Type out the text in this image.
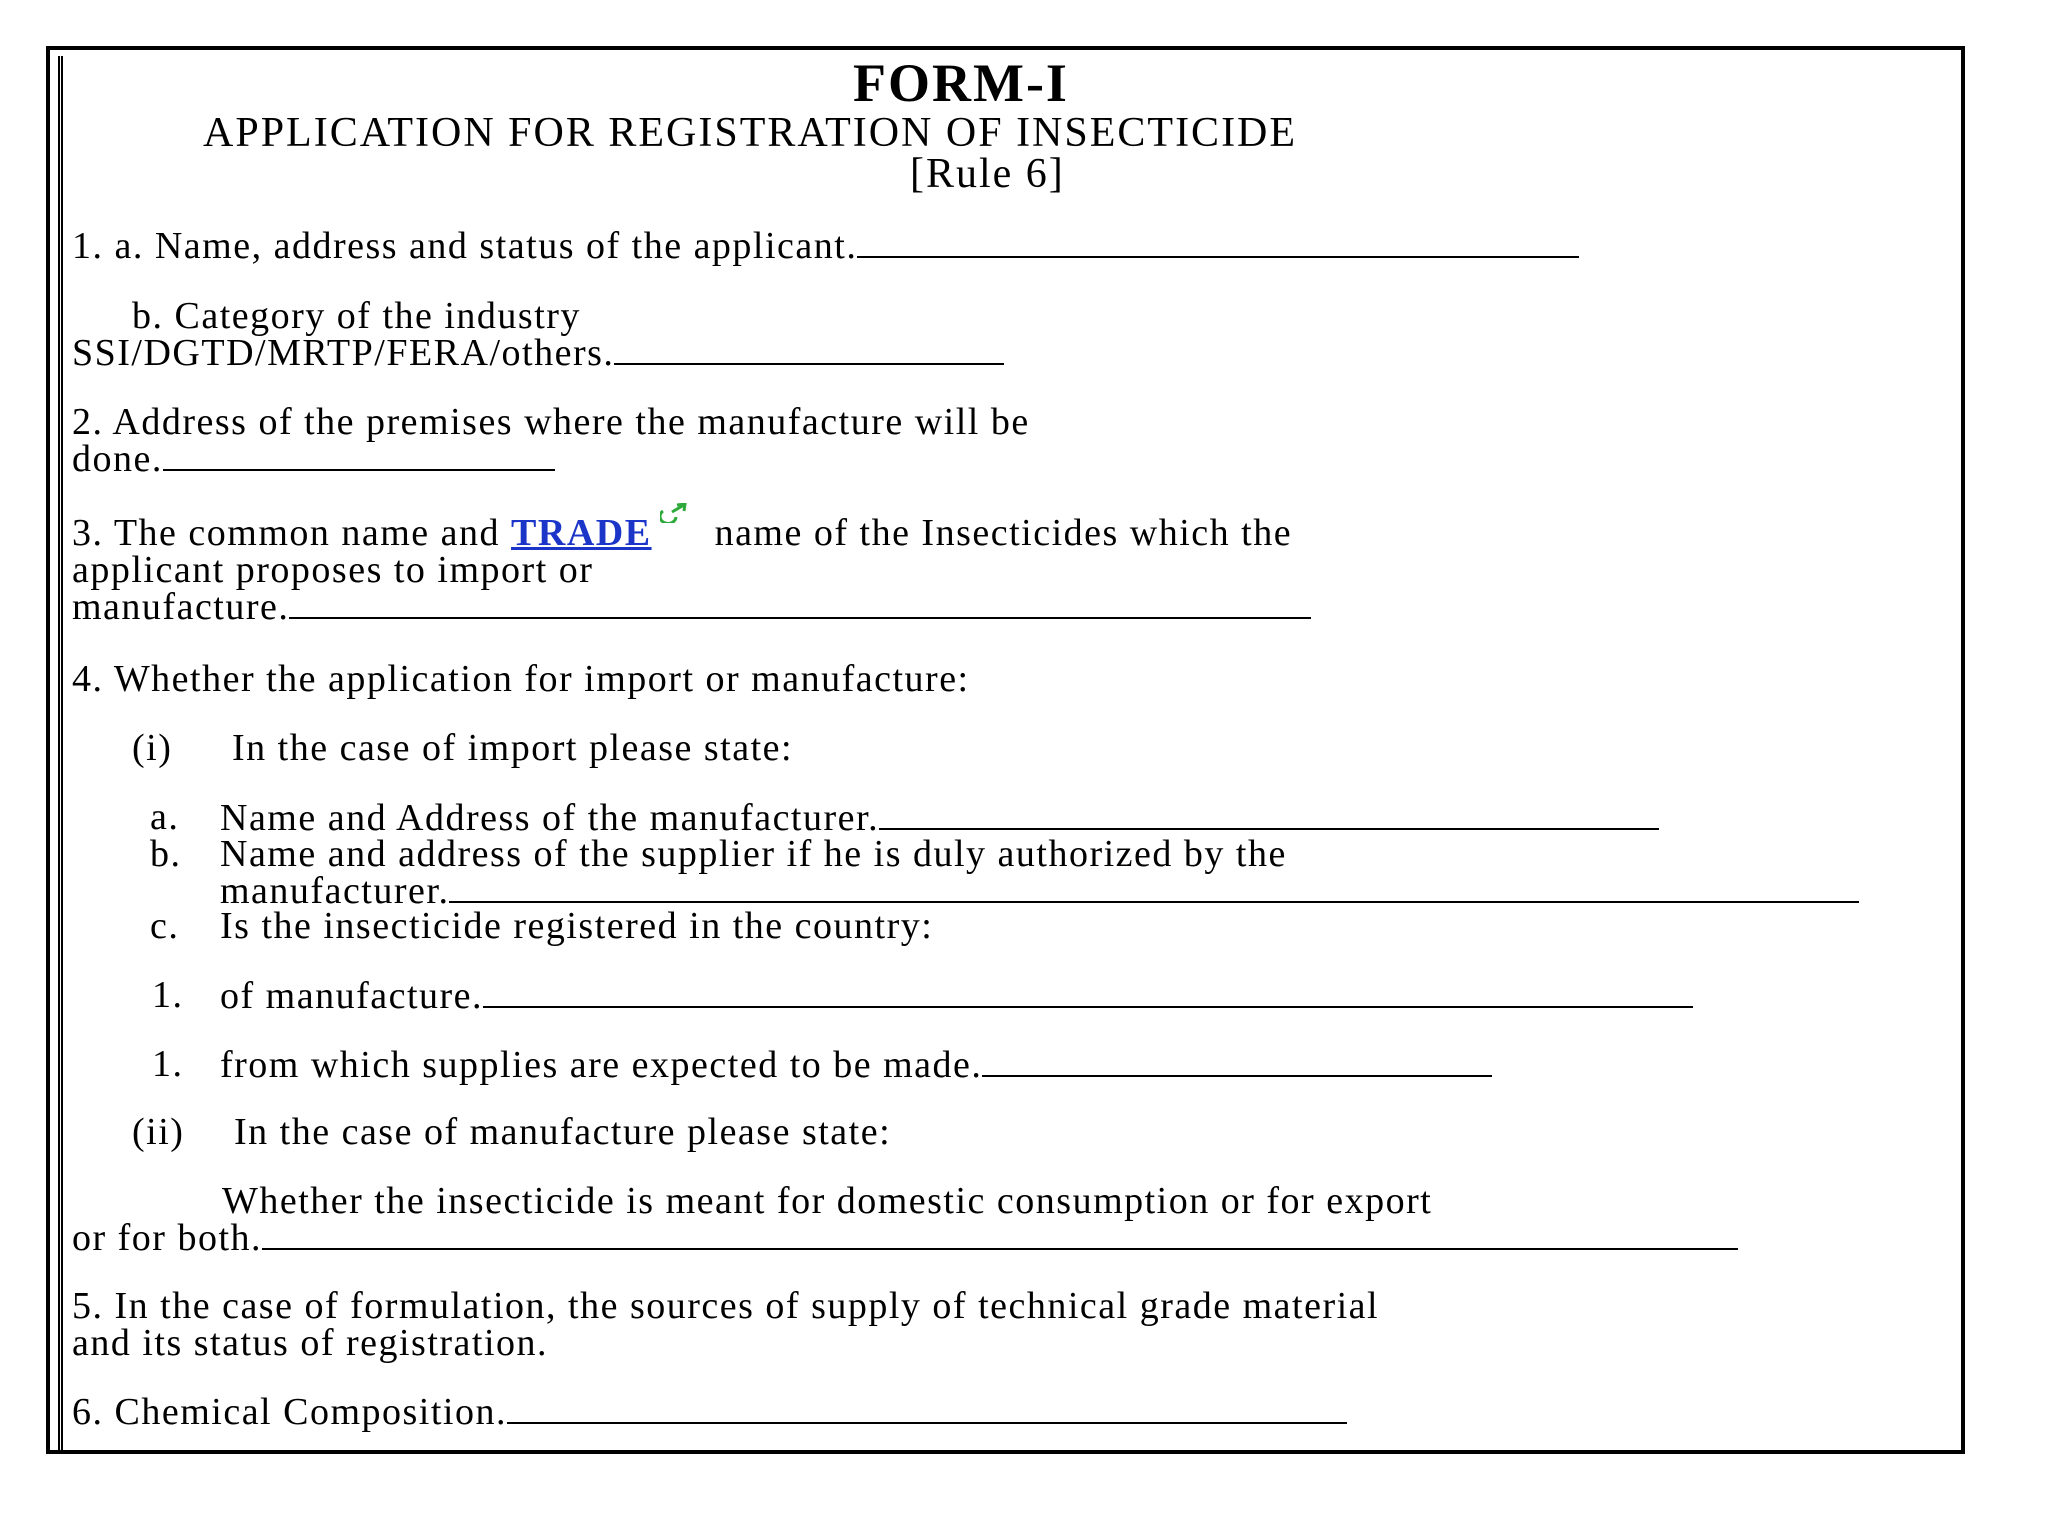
FORM-I
APPLICATION FOR REGISTRATION OF INSECTICIDE
[Rule 6]
1. a. Name, address and status of the applicant.
b. Category of the industry
SSI/DGTD/MRTP/FERA/others.
2. Address of the premises where the manufacture will be
done.
3. The common name and TRADE name of the Insecticides which the
applicant proposes to import or
manufacture.
4. Whether the application for import or manufacture:
(i) In the case of import please state:
a. Name and Address of the manufacturer.
b. Name and address of the supplier if he is duly authorized by the
manufacturer.
c. Is the insecticide registered in the country:
1. of manufacture.
1. from which supplies are expected to be made.
(ii) In the case of manufacture please state:
Whether the insecticide is meant for domestic consumption or for export
or for both.
5. In the case of formulation, the sources of supply of technical grade material
and its status of registration.
6. Chemical Composition.
